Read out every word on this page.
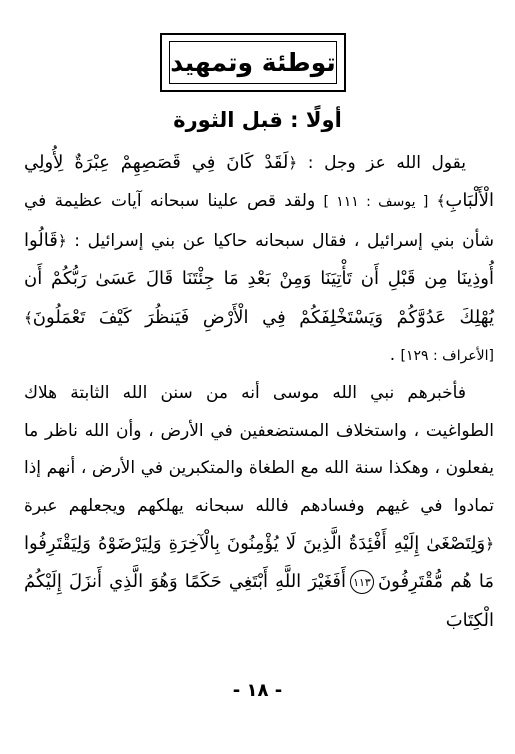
توطئة وتمهيد
أولًا : قبل الثورة

يقول الله عز وجل : ﴿لَقَدْ كَانَ فِي قَصَصِهِمْ عِبْرَةٌ لِأُولِي الْأَلْبَابِ﴾ [ يوسف : ١١١ ] ولقد قص علينا سبحانه آيات عظيمة في شأن بني إسرائيل ، فقال سبحانه حاكيا عن بني إسرائيل : ﴿قَالُوا أُوذِينَا مِن قَبْلِ أَن تَأْتِيَنَا وَمِنْ بَعْدِ مَا جِئْتَنَا قَالَ عَسَىٰ رَبُّكُمْ أَن يُهْلِكَ عَدُوَّكُمْ وَيَسْتَخْلِفَكُمْ فِي الْأَرْضِ فَيَنظُرَ كَيْفَ تَعْمَلُونَ﴾ [الأعراف : ١٢٩] .

فأخبرهم نبي الله موسى أنه من سنن الله الثابتة هلاك الطواغيت ، واستخلاف المستضعفين في الأرض ، وأن الله ناظر ما يفعلون ، وهكذا سنة الله مع الطغاة والمتكبرين في الأرض ، أنهم إذا تمادوا في غيهم وفسادهم فالله سبحانه يهلكهم ويجعلهم عبرة ﴿وَلِتَصْغَىٰ إِلَيْهِ أَفْئِدَةُ الَّذِينَ لَا يُؤْمِنُونَ بِالْآخِرَةِ وَلِيَرْضَوْهُ وَلِيَقْتَرِفُوا مَا هُم مُّقْتَرِفُونَ١١٣أَفَغَيْرَ اللَّهِ أَبْتَغِي حَكَمًا وَهُوَ الَّذِي أَنزَلَ إِلَيْكُمُ الْكِتَابَ

- ١٨ -
